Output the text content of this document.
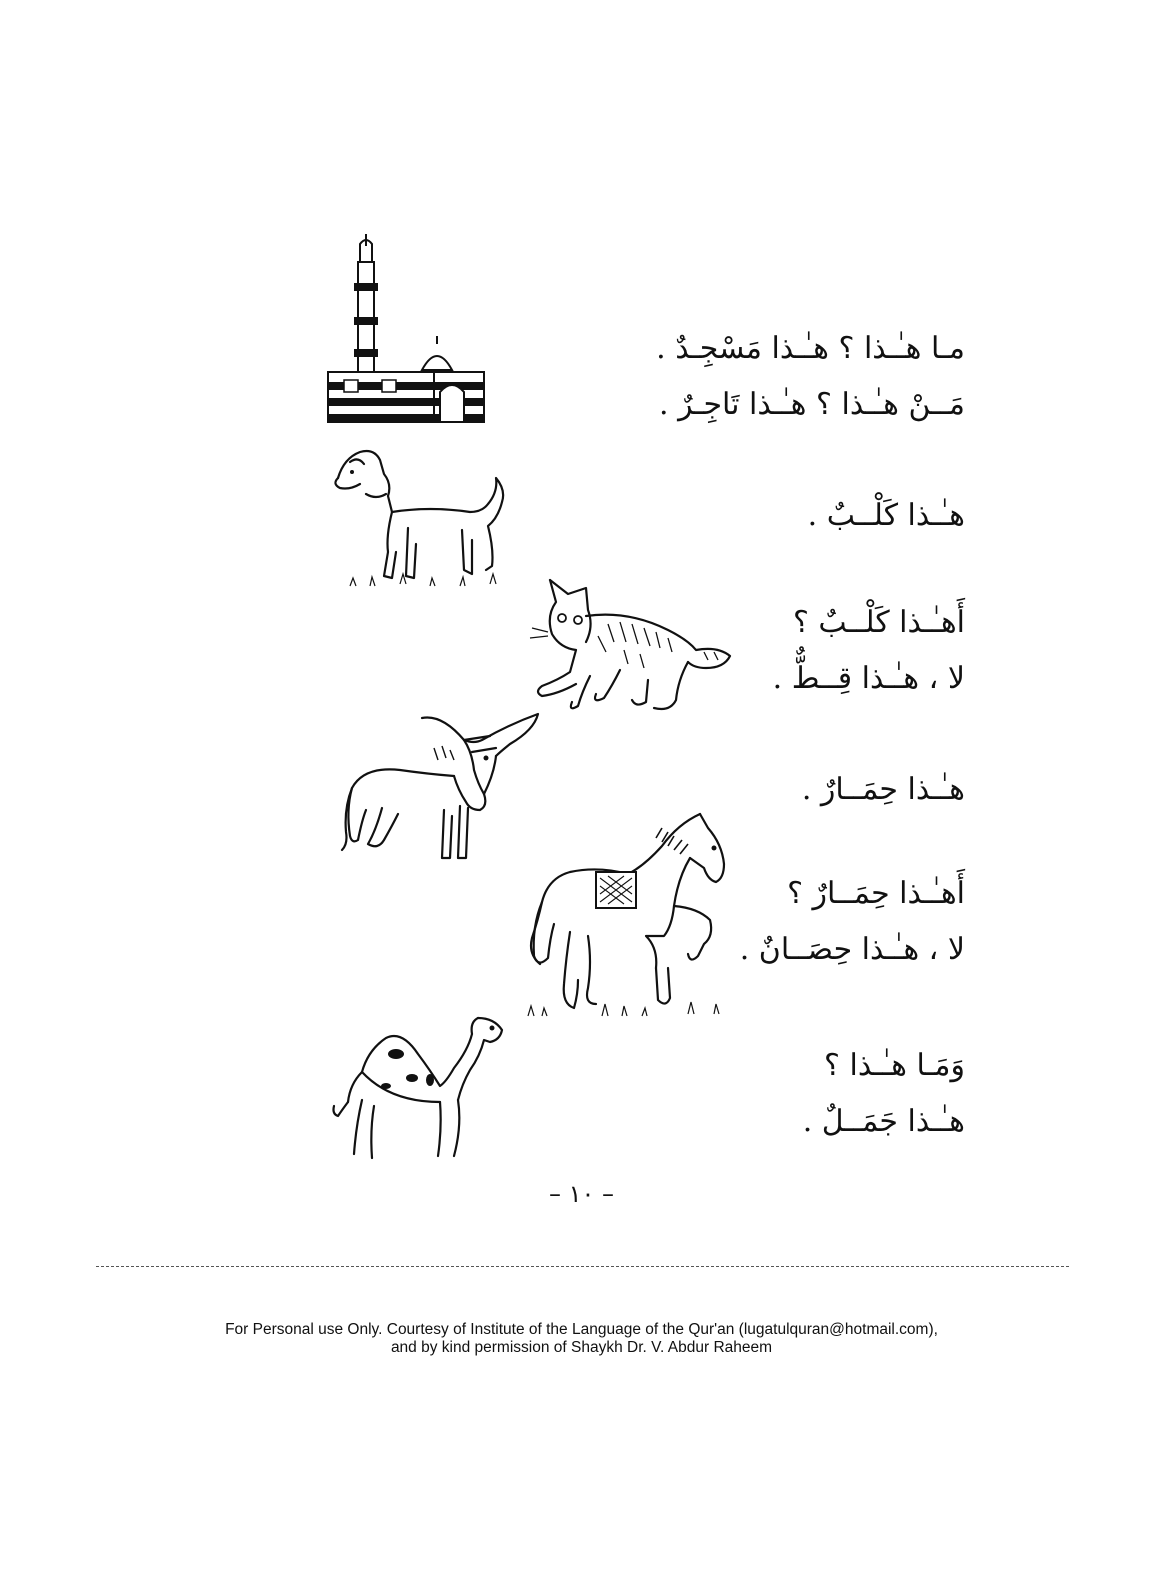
مـا هـٰـذا ؟ هـٰـذا مَسْجِـدٌ .
مَــنْ هـٰـذا ؟ هـٰـذا تَاجِـرٌ .
هـٰـذا كَلْــبٌ .
أَهـٰـذا كَلْــبٌ ؟
لا ، هـٰـذا قِــطٌّ .
هـٰـذا حِمَــارٌ .
أَهـٰـذا حِمَــارٌ ؟
لا ، هـٰـذا حِصَــانٌ .
وَمَـا هـٰـذا ؟
هـٰـذا جَمَــلٌ .
– ١٠ –
For Personal use Only. Courtesy of Institute of the Language of the Qur'an (lugatulquran@hotmail.com),
and by kind permission of Shaykh Dr. V. Abdur Raheem
